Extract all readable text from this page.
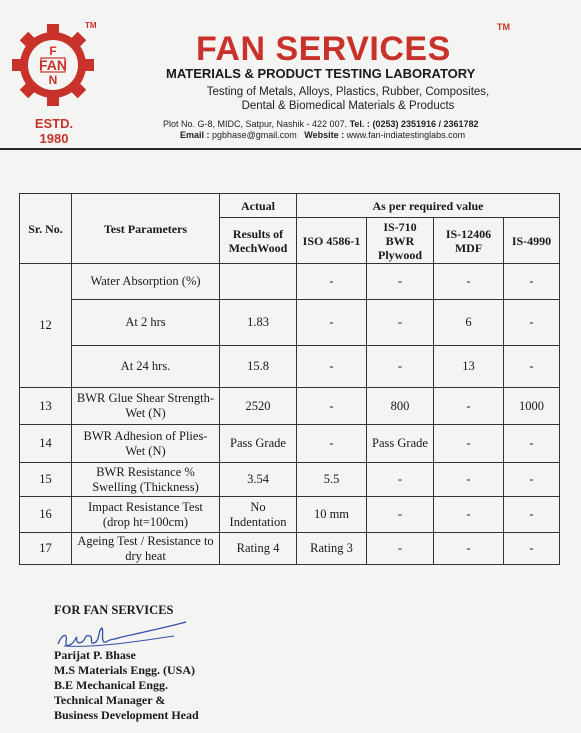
F
FAN
N
TM
ESTD.
1980
FAN SERVICES
TM
MATERIALS & PRODUCT TESTING LABORATORY
Testing of Metals, Alloys, Plastics, Rubber, Composites,
Dental & Biomedical Materials & Products
Plot No. G-8, MIDC, Satpur, Nashik - 422 007. Tel. : (0253) 2351916 / 2361782
Email : pgbhase@gmail.com Website : www.fan-indiatestinglabs.com
Sr. No.	Test Parameters	Actual	As per required value			
		Results of MechWood	ISO 4586-1	IS-710 BWR Plywood	IS-12406 MDF	IS-4990
12	Water Absorption (%)		-	-	-	-
	At 2 hrs	1.83	-	-	6	-
	At 24 hrs.	15.8	-	-	13	-
13	BWR Glue Shear Strength-Wet (N)	2520	-	800	-	1000
14	BWR Adhesion of Plies-Wet (N)	Pass Grade	-	Pass Grade	-	-
15	BWR Resistance % Swelling (Thickness)	3.54	5.5	-	-	-
16	Impact Resistance Test (drop ht=100cm)	No Indentation	10 mm	-	-	-
17	Ageing Test / Resistance to dry heat	Rating 4	Rating 3	-	-	-
FOR FAN SERVICES
Parijat P. Bhase
M.S Materials Engg. (USA)
B.E Mechanical Engg.
Technical Manager &
Business Development Head
